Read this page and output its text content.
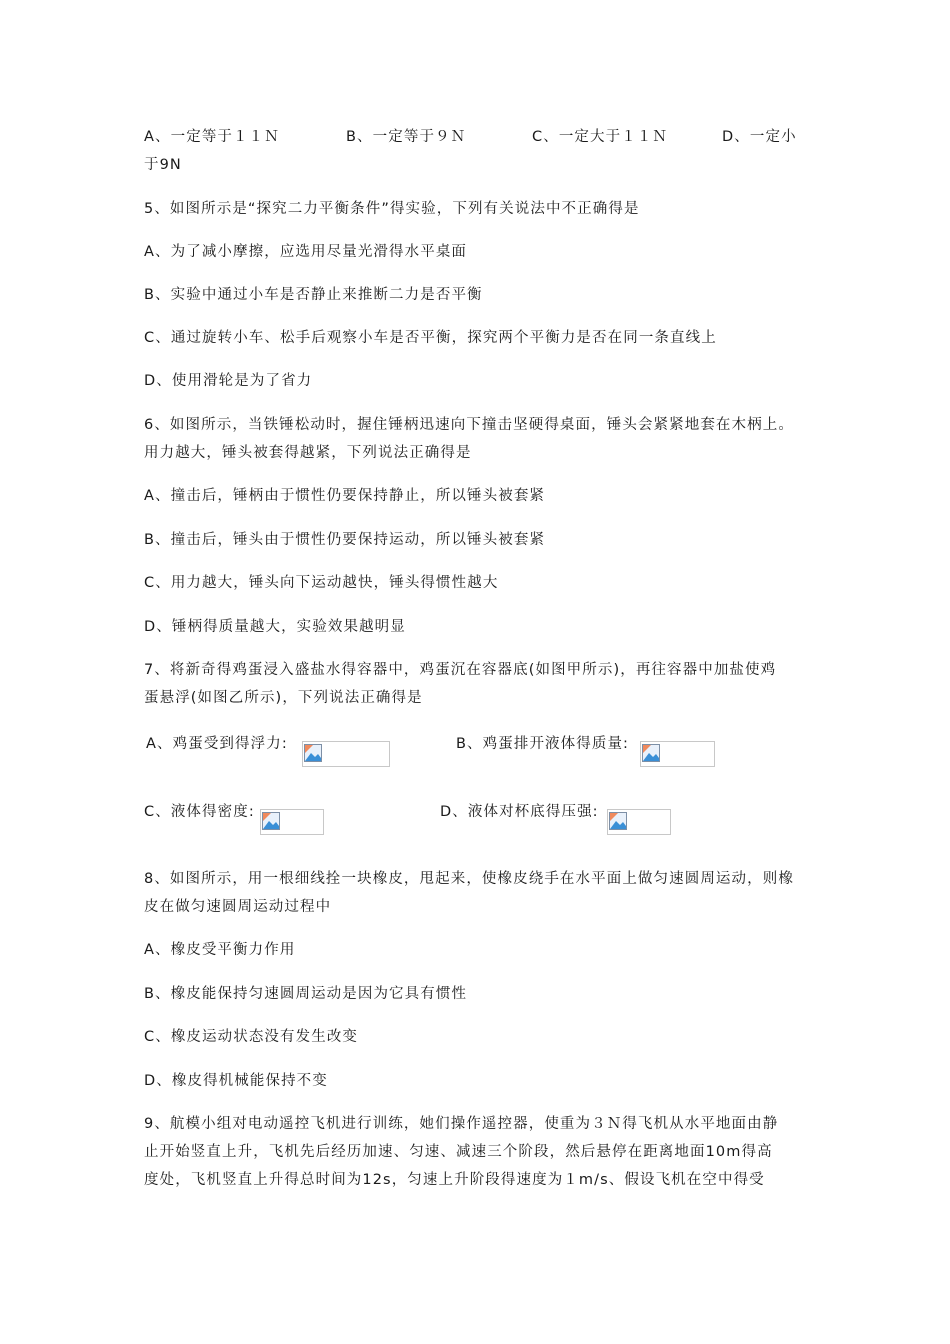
A、一定等于１１Ｎ	B、一定等于９Ｎ	C、一定大于１１Ｎ	D、一定小
于9N
5、如图所示是“探究二力平衡条件”得实验，下列有关说法中不正确得是
A、为了减小摩擦，应选用尽量光滑得水平桌面
B、实验中通过小车是否静止来推断二力是否平衡
C、通过旋转小车、松手后观察小车是否平衡，探究两个平衡力是否在同一条直线上
D、使用滑轮是为了省力
6、如图所示，当铁锤松动时，握住锤柄迅速向下撞击坚硬得桌面，锤头会紧紧地套在木柄上。
用力越大，锤头被套得越紧，下列说法正确得是
A、撞击后，锤柄由于惯性仍要保持静止，所以锤头被套紧
B、撞击后，锤头由于惯性仍要保持运动，所以锤头被套紧
C、用力越大，锤头向下运动越快，锤头得惯性越大
D、锤柄得质量越大，实验效果越明显
7、将新奇得鸡蛋浸入盛盐水得容器中，鸡蛋沉在容器底(如图甲所示)，再往容器中加盐使鸡
蛋悬浮(如图乙所示)，下列说法正确得是
A、鸡蛋受到得浮力:	B、鸡蛋排开液体得质量:
C、液体得密度:	D、液体对杯底得压强:
8、如图所示，用一根细线拴一块橡皮，甩起来，使橡皮绕手在水平面上做匀速圆周运动，则橡
皮在做匀速圆周运动过程中
A、橡皮受平衡力作用
B、橡皮能保持匀速圆周运动是因为它具有惯性
C、橡皮运动状态没有发生改变
D、橡皮得机械能保持不变
9、航模小组对电动遥控飞机进行训练，她们操作遥控器，使重为３Ｎ得飞机从水平地面由静
止开始竖直上升，飞机先后经历加速、匀速、减速三个阶段，然后悬停在距离地面10m得高
度处，飞机竖直上升得总时间为12s，匀速上升阶段得速度为１m/s、假设飞机在空中得受
